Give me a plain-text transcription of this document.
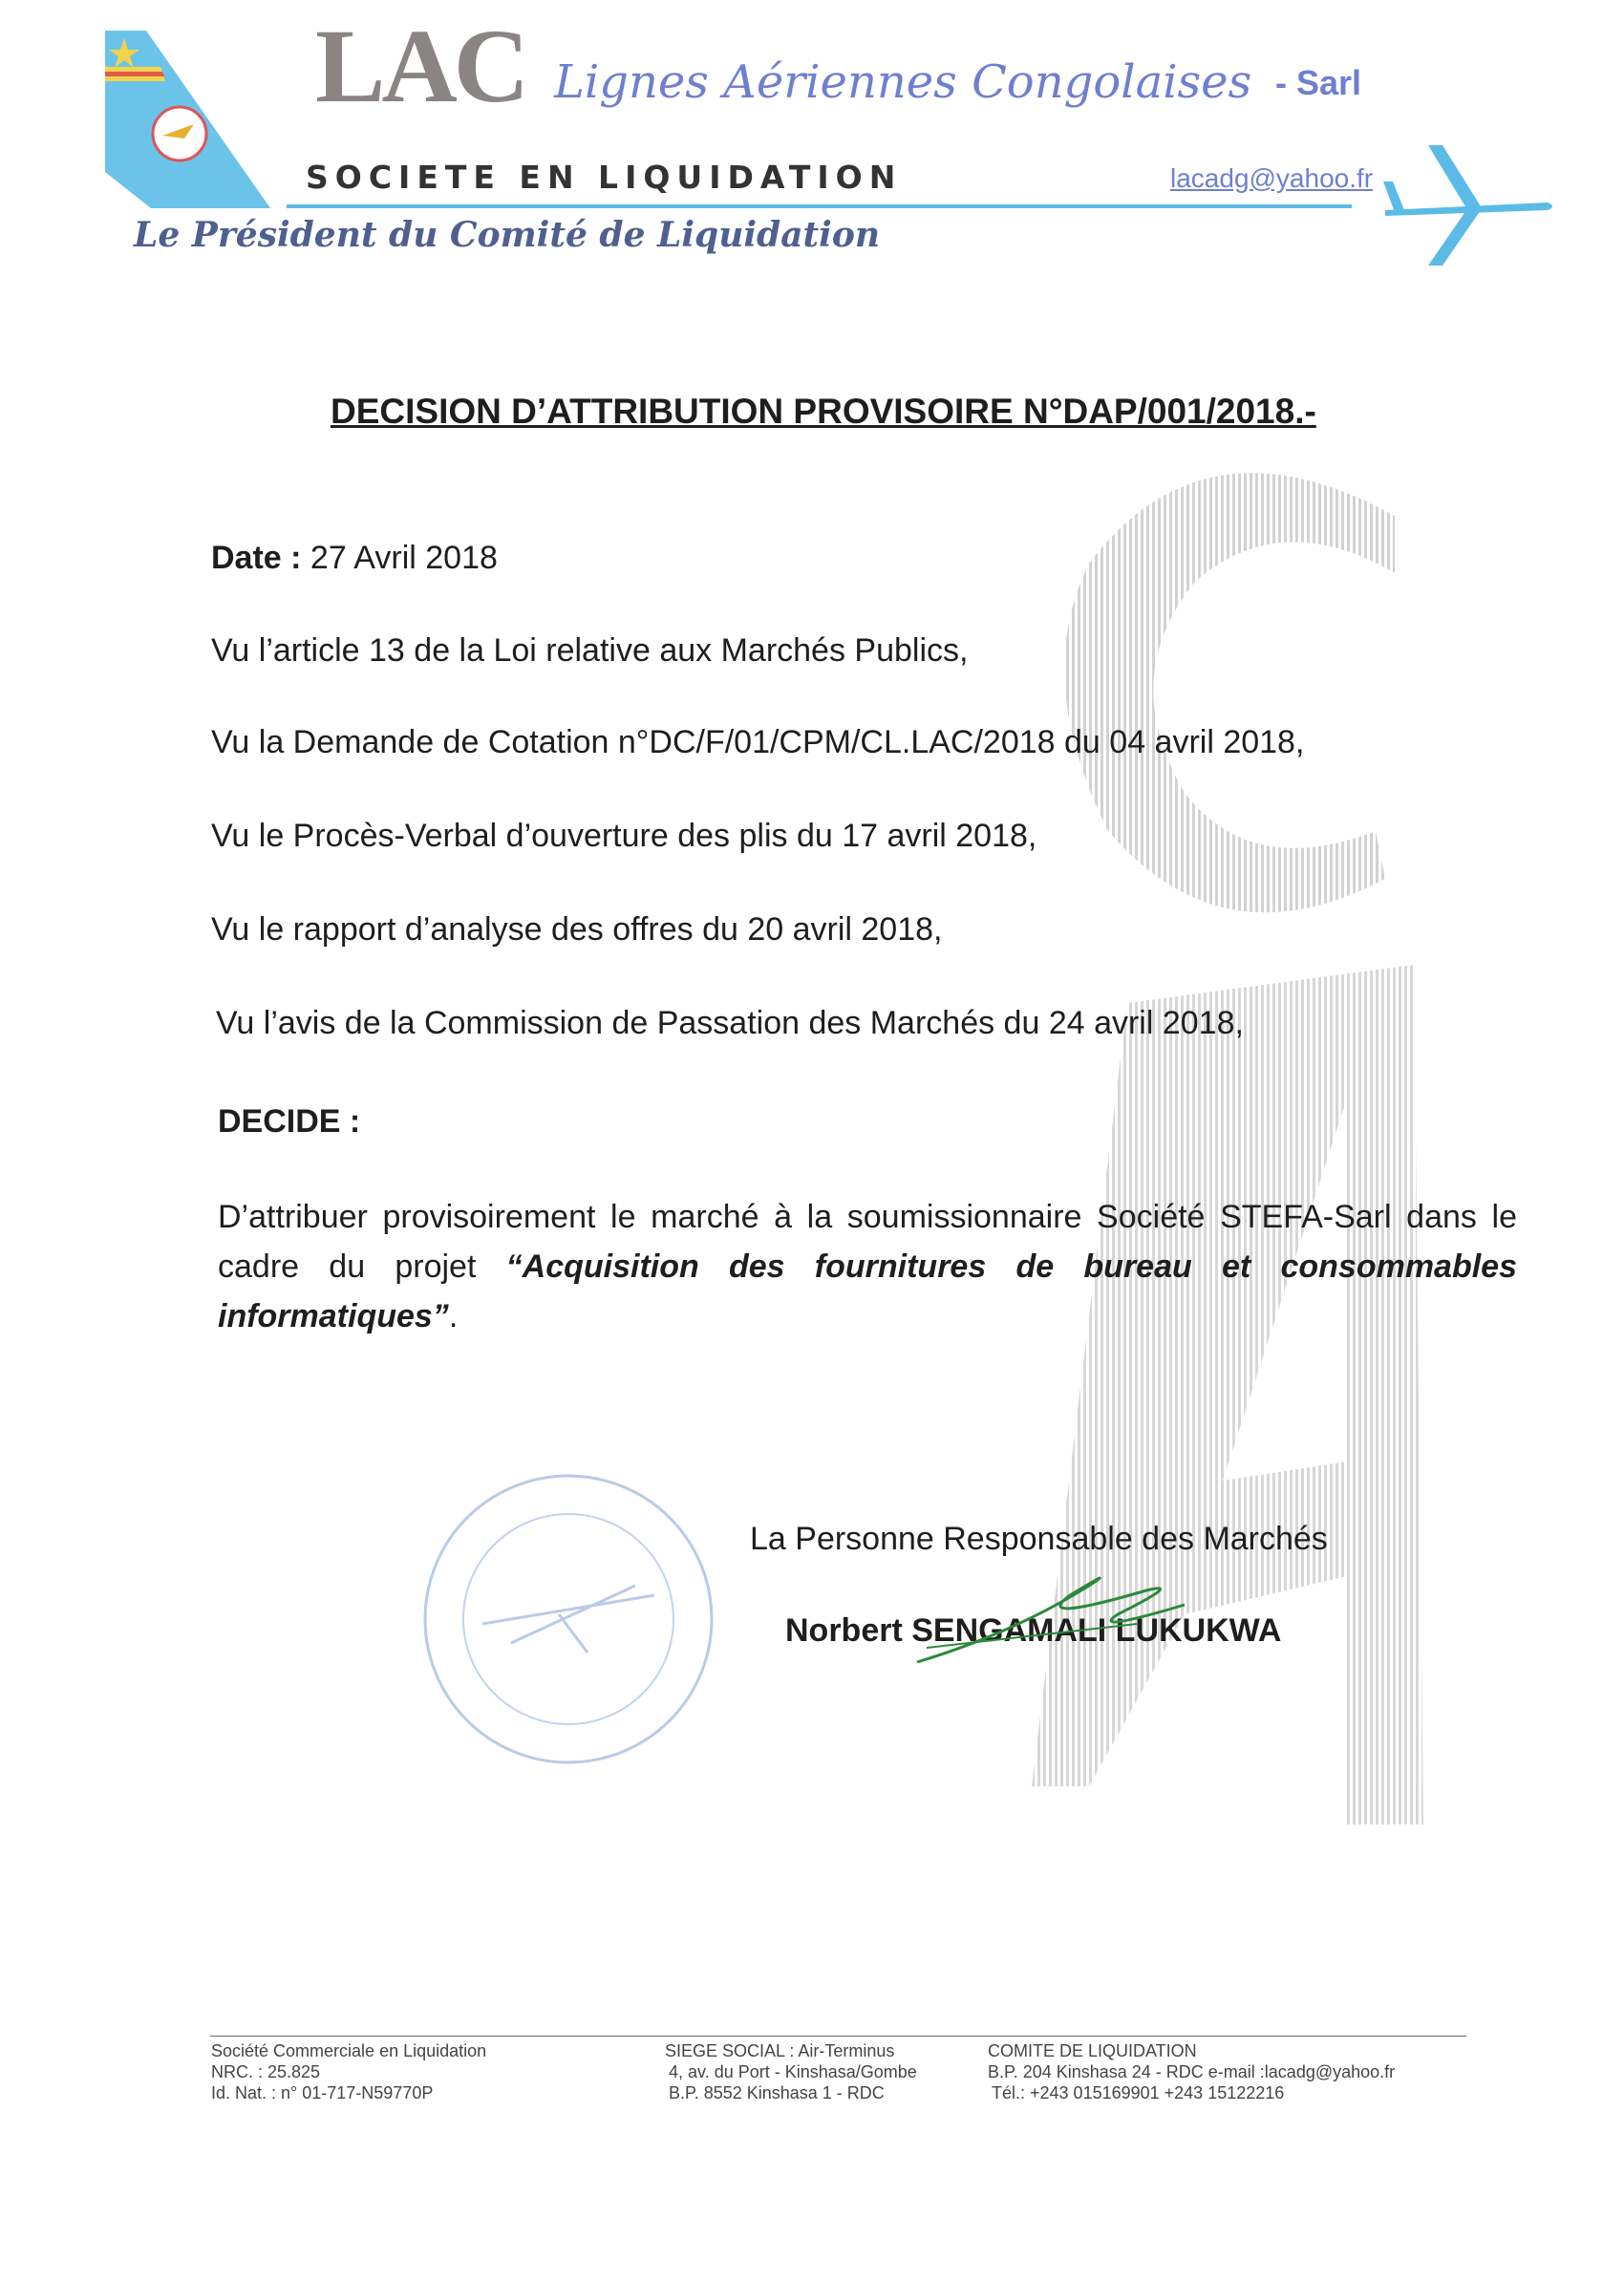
LAC Lignes Aériennes Congolaises - Sarl
SOCIETE EN LIQUIDATION	lacadg@yahoo.fr
Le Président du Comité de Liquidation
DECISION D’ATTRIBUTION PROVISOIRE N°DAP/001/2018.-
Date : 27 Avril 2018
Vu l’article 13 de la Loi relative aux Marchés Publics,
Vu la Demande de Cotation n°DC/F/01/CPM/CL.LAC/2018 du 04 avril 2018,
Vu le Procès-Verbal d’ouverture des plis du 17 avril 2018,
Vu le rapport d’analyse des offres du 20 avril 2018,
Vu l’avis de la Commission de Passation des Marchés du 24 avril 2018,
DECIDE :
D’attribuer provisoirement le marché à la soumissionnaire Société STEFA-Sarl dans le cadre du projet “Acquisition des fournitures de bureau et consommables informatiques”.
La Personne Responsable des Marchés
Norbert SENGAMALI LUKUKWA
Société Commerciale en Liquidation
NRC. : 25.825
Id. Nat. : n° 01-717-N59770P
SIEGE SOCIAL : Air-Terminus
4, av. du Port - Kinshasa/Gombe
B.P. 8552 Kinshasa 1 - RDC
COMITE DE LIQUIDATION
B.P. 204 Kinshasa 24 - RDC e-mail :lacadg@yahoo.fr
Tél.: +243 015169901 +243 15122216
